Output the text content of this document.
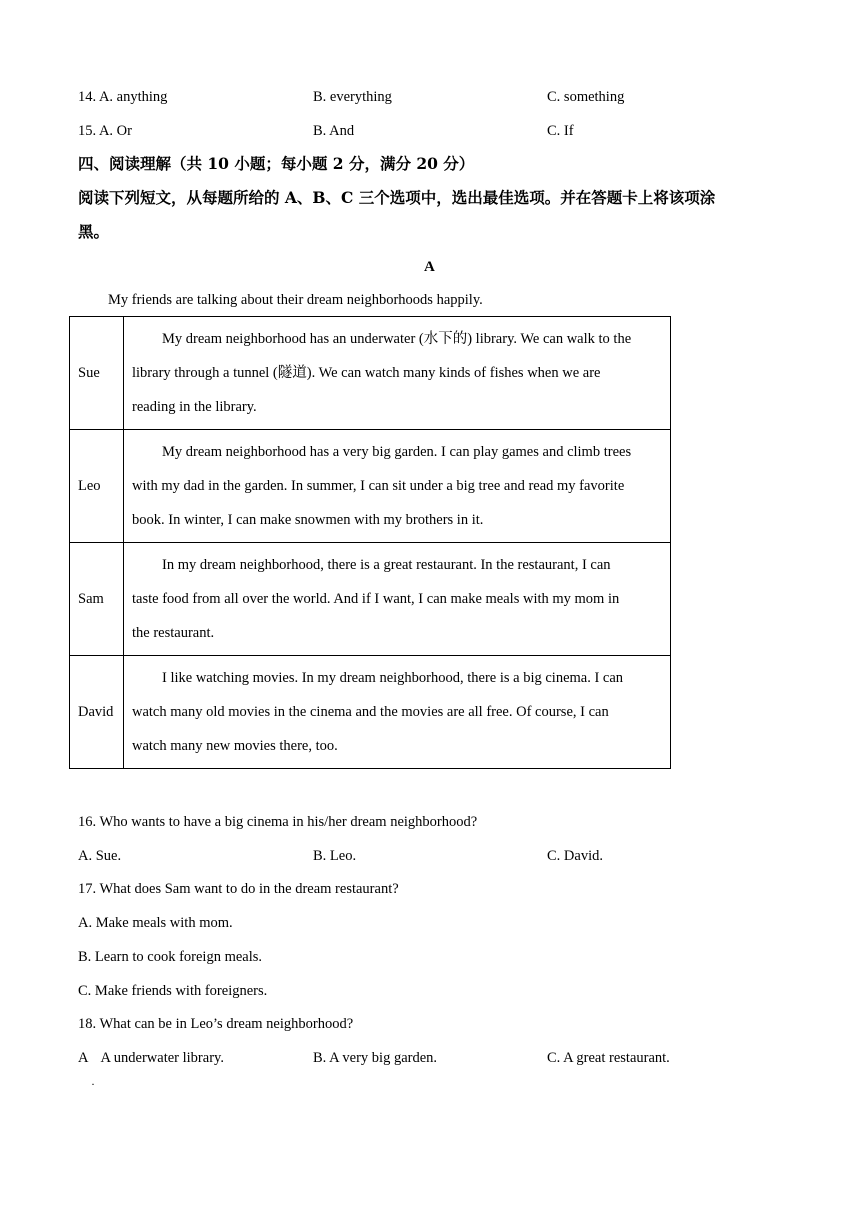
14. A. anything	B. everything	C. something
15. A. Or	B. And	C. If
四、阅读理解（共 10 小题；每小题 2 分，满分 20 分）
阅读下列短文，从每题所给的 A、B、C 三个选项中，选出最佳选项。并在答题卡上将该项涂
黑。
A
My friends are talking about their dream neighborhoods happily.
Sue	My dream neighborhood has an underwater (水下的) library. We can walk to the
library through a tunnel (隧道). We can watch many kinds of fishes when we are
reading in the library.
Leo	My dream neighborhood has a very big garden. I can play games and climb trees
with my dad in the garden. In summer, I can sit under a big tree and read my favorite
book. In winter, I can make snowmen with my brothers in it.
Sam	In my dream neighborhood, there is a great restaurant. In the restaurant, I can
taste food from all over the world. And if I want, I can make meals with my mom in
the restaurant.
David	I like watching movies. In my dream neighborhood, there is a big cinema. I can
watch many old movies in the cinema and the movies are all free. Of course, I can
watch many new movies there, too.
16. Who wants to have a big cinema in his/her dream neighborhood?
A. Sue.	B. Leo.	C. David.
17. What does Sam want to do in the dream restaurant?
A. Make meals with mom.
B. Learn to cook foreign meals.
C. Make friends with foreigners.
18. What can be in Leo’s dream neighborhood?
A
.
A underwater library.	B. A very big garden.	C. A great restaurant.
